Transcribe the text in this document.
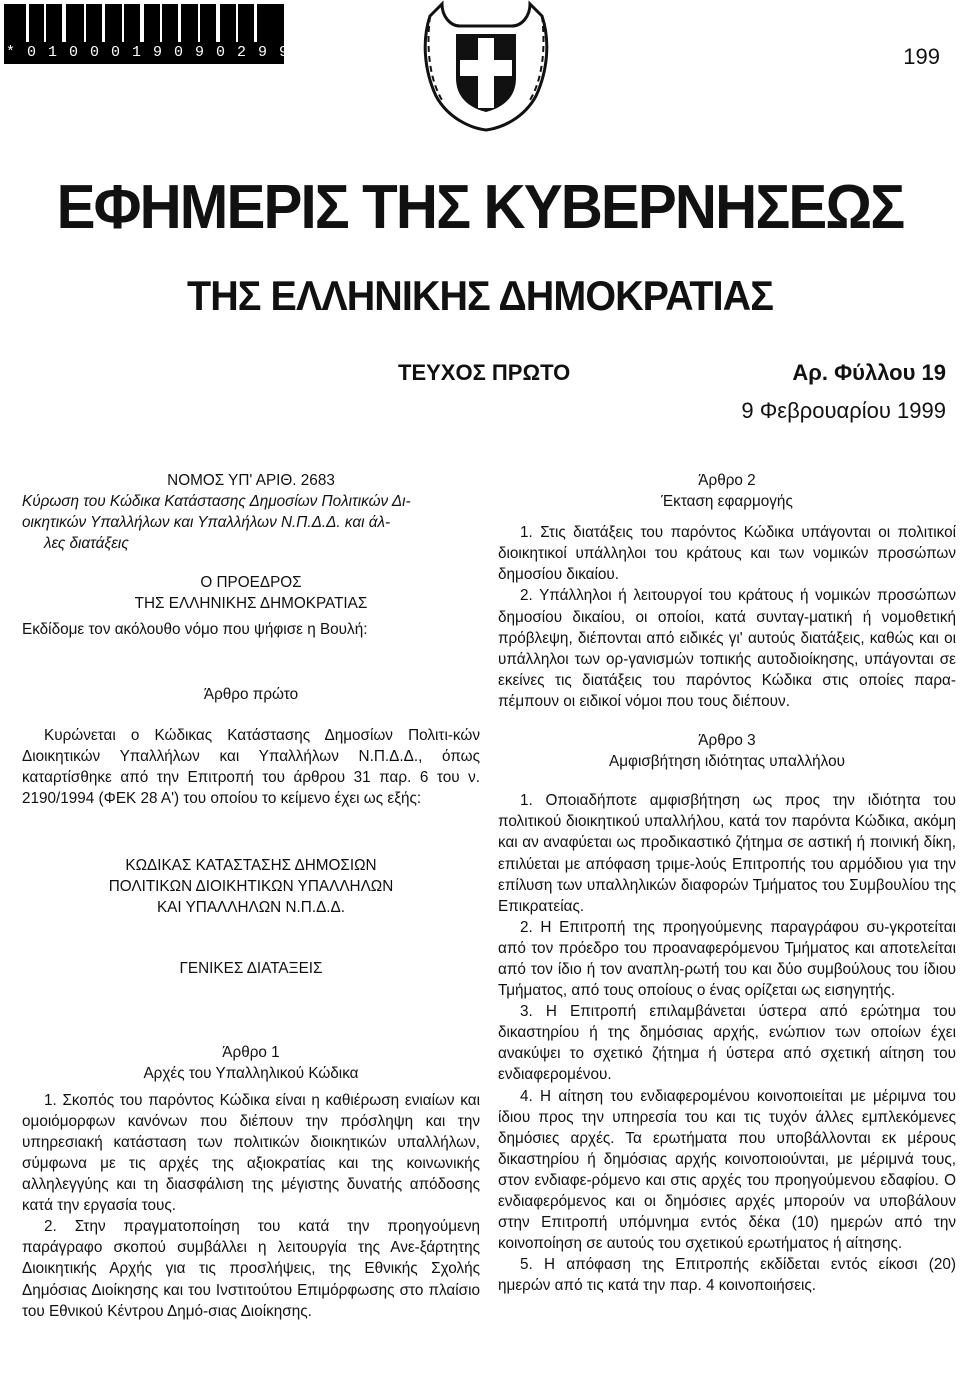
*01000190902990004*	199
ΕΦΗΜΕΡΙΣ ΤΗΣ ΚΥΒΕΡΝΗΣΕΩΣ
ΤΗΣ ΕΛΛΗΝΙΚΗΣ ΔΗΜΟΚΡΑΤΙΑΣ
ΤΕΥΧΟΣ ΠΡΩΤΟ	Αρ. Φύλλου 19
9 Φεβρουαρίου 1999

ΝΟΜΟΣ ΥΠ' ΑΡΙΘ. 2683

Κύρωση του Κώδικα Κατάστασης Δημοσίων Πολιτικών Δι-
οικητικών Υπαλλήλων και Υπαλλήλων Ν.Π.Δ.Δ. και άλ-
λες διατάξεις

Ο ΠΡΟΕΔΡΟΣ

ΤΗΣ ΕΛΛΗΝΙΚΗΣ ΔΗΜΟΚΡΑΤΙΑΣ

Εκδίδομε τον ακόλουθο νόμο που ψήφισε η Βουλή:

Άρθρο πρώτο

Κυρώνεται ο Κώδικας Κατάστασης Δημοσίων Πολιτι-κών Διοικητικών Υπαλλήλων και Υπαλλήλων Ν.Π.Δ.Δ., όπως καταρτίσθηκε από την Επιτροπή του άρθρου 31 παρ. 6 του ν. 2190/1994 (ΦΕΚ 28 Α') του οποίου το κείμενο έχει ως εξής:

ΚΩΔΙΚΑΣ ΚΑΤΑΣΤΑΣΗΣ ΔΗΜΟΣΙΩΝ

ΠΟΛΙΤΙΚΩΝ ΔΙΟΙΚΗΤΙΚΩΝ ΥΠΑΛΛΗΛΩΝ

ΚΑΙ ΥΠΑΛΛΗΛΩΝ Ν.Π.Δ.Δ.

ΓΕΝΙΚΕΣ ΔΙΑΤΑΞΕΙΣ

Άρθρο 1

Αρχές του Υπαλληλικού Κώδικα

1. Σκοπός του παρόντος Κώδικα είναι η καθιέρωση ενιαίων και ομοιόμορφων κανόνων που διέπουν την πρόσληψη και την υπηρεσιακή κατάσταση των πολιτικών διοικητικών υπαλλήλων, σύμφωνα με τις αρχές της αξιοκρατίας και της κοινωνικής αλληλεγγύης και τη διασφάλιση της μέγιστης δυνατής απόδοσης κατά την εργασία τους.

2. Στην πραγματοποίηση του κατά την προηγούμενη παράγραφο σκοπού συμβάλλει η λειτουργία της Ανε-ξάρτητης Διοικητικής Αρχής για τις προσλήψεις, της Εθνικής Σχολής Δημόσιας Διοίκησης και του Ινστιτούτου Επιμόρφωσης στο πλαίσιο του Εθνικού Κέντρου Δημό-σιας Διοίκησης.

Άρθρο 2

Έκταση εφαρμογής

1. Στις διατάξεις του παρόντος Κώδικα υπάγονται οι πολιτικοί διοικητικοί υπάλληλοι του κράτους και των νομικών προσώπων δημοσίου δικαίου.

2. Υπάλληλοι ή λειτουργοί του κράτους ή νομικών προσώπων δημοσίου δικαίου, οι οποίοι, κατά συνταγ-ματική ή νομοθετική πρόβλεψη, διέπονται από ειδικές γι' αυτούς διατάξεις, καθώς και οι υπάλληλοι των ορ-γανισμών τοπικής αυτοδιοίκησης, υπάγονται σε εκείνες τις διατάξεις του παρόντος Κώδικα στις οποίες παρα-πέμπουν οι ειδικοί νόμοι που τους διέπουν.

Άρθρο 3

Αμφισβήτηση ιδιότητας υπαλλήλου

1. Οποιαδήποτε αμφισβήτηση ως προς την ιδιότητα του πολιτικού διοικητικού υπαλλήλου, κατά τον παρόντα Κώδικα, ακόμη και αν αναφύεται ως προδικαστικό ζήτημα σε αστική ή ποινική δίκη, επιλύεται με απόφαση τριμε-λούς Επιτροπής του αρμόδιου για την επίλυση των υπαλληλικών διαφορών Τμήματος του Συμβουλίου της Επικρατείας.

2. Η Επιτροπή της προηγούμενης παραγράφου συ-γκροτείται από τον πρόεδρο του προαναφερόμενου Τμήματος και αποτελείται από τον ίδιο ή τον αναπλη-ρωτή του και δύο συμβούλους του ίδιου Τμήματος, από τους οποίους ο ένας ορίζεται ως εισηγητής.

3. Η Επιτροπή επιλαμβάνεται ύστερα από ερώτημα του δικαστηρίου ή της δημόσιας αρχής, ενώπιον των οποίων έχει ανακύψει το σχετικό ζήτημα ή ύστερα από σχετική αίτηση του ενδιαφερομένου.

4. Η αίτηση του ενδιαφερομένου κοινοποιείται με μέριμνα του ίδιου προς την υπηρεσία του και τις τυχόν άλλες εμπλεκόμενες δημόσιες αρχές. Τα ερωτήματα που υποβάλλονται εκ μέρους δικαστηρίου ή δημόσιας αρχής κοινοποιούνται, με μέριμνά τους, στον ενδιαφε-ρόμενο και στις αρχές του προηγούμενου εδαφίου. Ο ενδιαφερόμενος και οι δημόσιες αρχές μπορούν να υποβάλουν στην Επιτροπή υπόμνημα εντός δέκα (10) ημερών από την κοινοποίηση σε αυτούς του σχετικού ερωτήματος ή αίτησης.

5. Η απόφαση της Επιτροπής εκδίδεται εντός είκοσι (20) ημερών από τις κατά την παρ. 4 κοινοποιήσεις.
